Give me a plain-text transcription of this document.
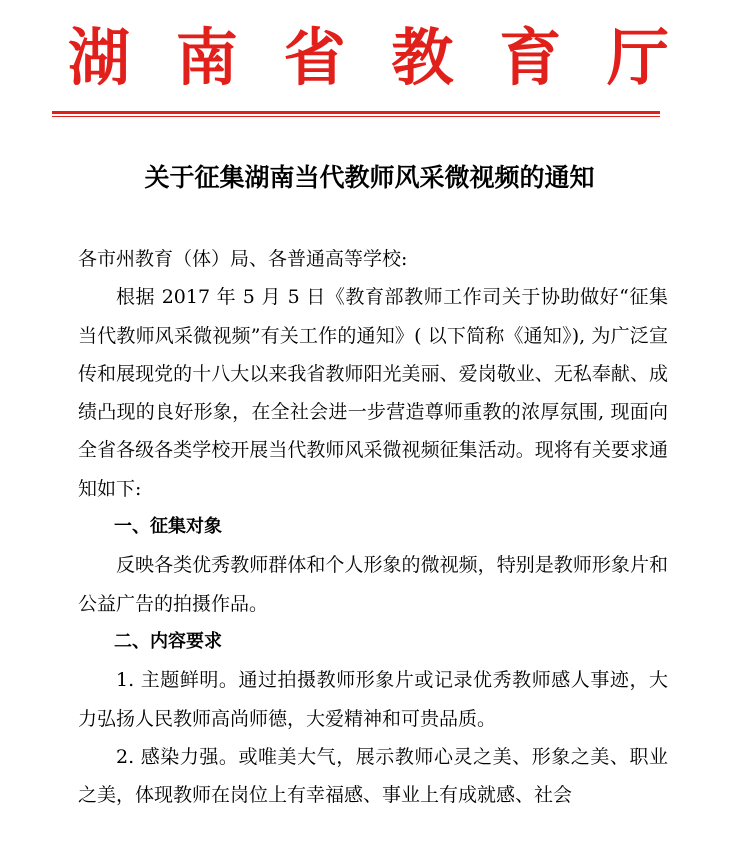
湖 南 省 教 育 厅
关于征集湖南当代教师风采微视频的通知

各市州教育（体）局、各普通高等学校:

根据 2017 年 5 月 5 日《教育部教师工作司关于协助做好“征集当代教师风采微视频”有关工作的通知》( 以下简称《通知》), 为广泛宣传和展现党的十八大以来我省教师阳光美丽、爱岗敬业、无私奉献、成绩凸现的良好形象，在全社会进一步营造尊师重教的浓厚氛围, 现面向全省各级各类学校开展当代教师风采微视频征集活动。现将有关要求通知如下:

一、征集对象

反映各类优秀教师群体和个人形象的微视频，特别是教师形象片和公益广告的拍摄作品。

二、内容要求

1. 主题鲜明。通过拍摄教师形象片或记录优秀教师感人事迹，大力弘扬人民教师高尚师德，大爱精神和可贵品质。

2. 感染力强。或唯美大气，展示教师心灵之美、形象之美、职业之美，体现教师在岗位上有幸福感、事业上有成就感、社会
